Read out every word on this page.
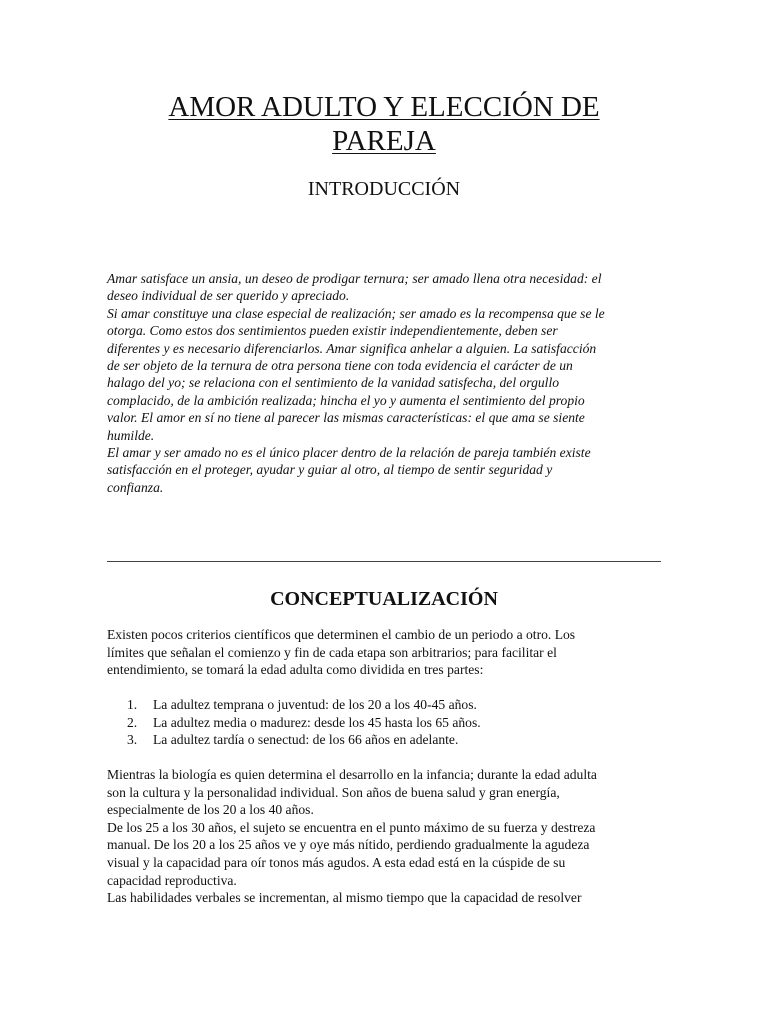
AMOR ADULTO Y ELECCIÓN DE
PAREJA
INTRODUCCIÓN

Amar satisface un ansia, un deseo de prodigar ternura; ser amado llena otra necesidad: el
deseo individual de ser querido y apreciado.
Si amar constituye una clase especial de realización; ser amado es la recompensa que se le
otorga. Como estos dos sentimientos pueden existir independientemente, deben ser
diferentes y es necesario diferenciarlos. Amar significa anhelar a alguien. La satisfacción
de ser objeto de la ternura de otra persona tiene con toda evidencia el carácter de un
halago del yo; se relaciona con el sentimiento de la vanidad satisfecha, del orgullo
complacido, de la ambición realizada; hincha el yo y aumenta el sentimiento del propio
valor. El amor en sí no tiene al parecer las mismas características: el que ama se siente
humilde.
El amar y ser amado no es el único placer dentro de la relación de pareja también existe
satisfacción en el proteger, ayudar y guiar al otro, al tiempo de sentir seguridad y
confianza.

CONCEPTUALIZACIÓN

Existen pocos criterios científicos que determinen el cambio de un periodo a otro. Los
límites que señalan el comienzo y fin de cada etapa son arbitrarios; para facilitar el
entendimiento, se tomará la edad adulta como dividida en tres partes:

1. La adultez temprana o juventud: de los 20 a los 40-45 años.
2. La adultez media o madurez: desde los 45 hasta los 65 años.
3. La adultez tardía o senectud: de los 66 años en adelante.

Mientras la biología es quien determina el desarrollo en la infancia; durante la edad adulta
son la cultura y la personalidad individual. Son años de buena salud y gran energía,
especialmente de los 20 a los 40 años.
De los 25 a los 30 años, el sujeto se encuentra en el punto máximo de su fuerza y destreza
manual. De los 20 a los 25 años ve y oye más nítido, perdiendo gradualmente la agudeza
visual y la capacidad para oír tonos más agudos. A esta edad está en la cúspide de su
capacidad reproductiva.
Las habilidades verbales se incrementan, al mismo tiempo que la capacidad de resolver
